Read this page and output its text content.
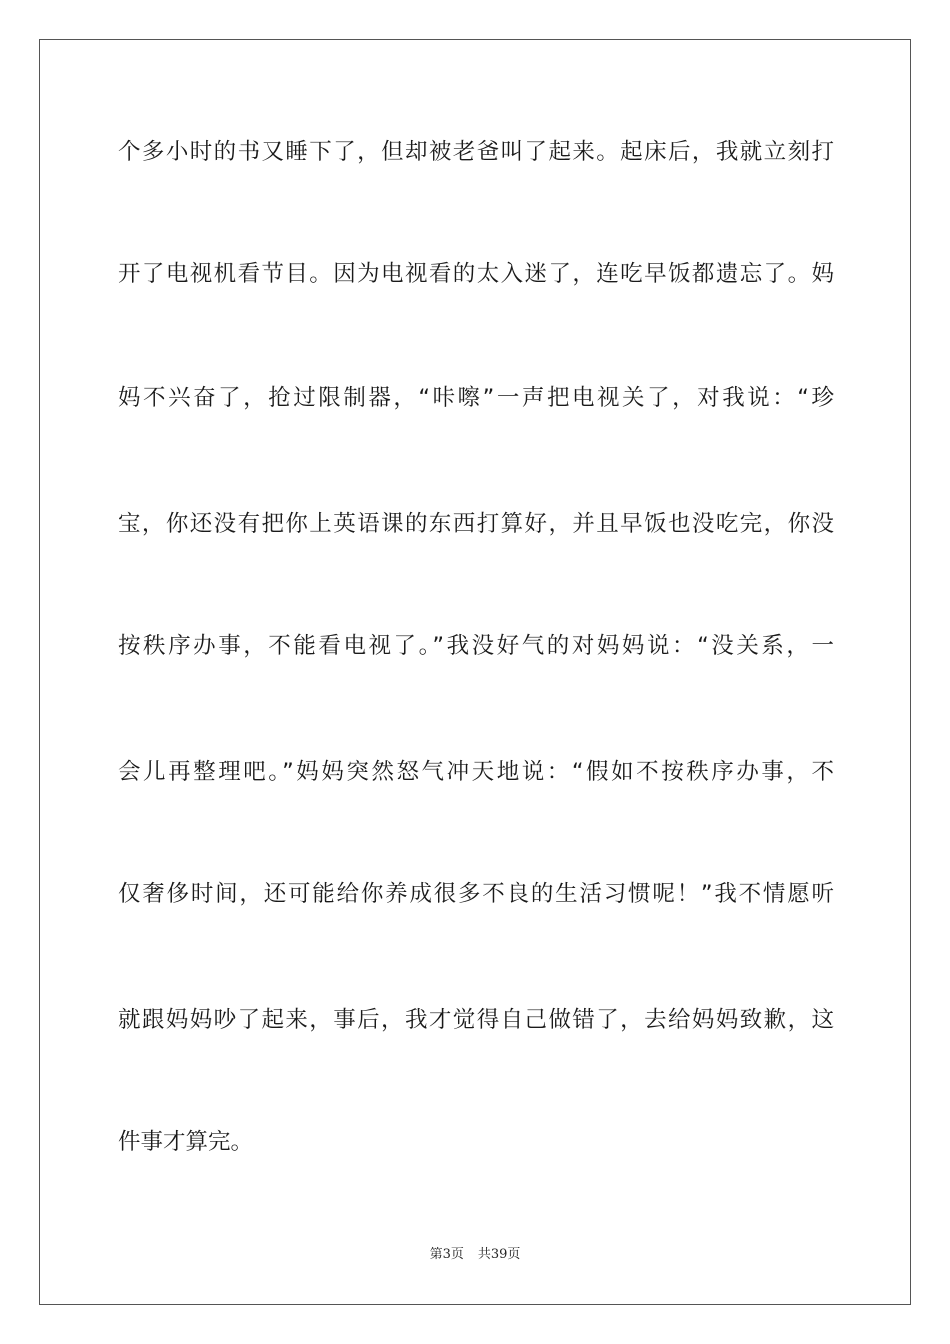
个多小时的书又睡下了，但却被老爸叫了起来。起床后，我就立刻打
开了电视机看节目。因为电视看的太入迷了，连吃早饭都遗忘了。妈
妈不兴奋了，抢过限制器，“咔嚓”一声把电视关了，对我说：“珍
宝，你还没有把你上英语课的东西打算好，并且早饭也没吃完，你没
按秩序办事，不能看电视了。”我没好气的对妈妈说：“没关系，一
会儿再整理吧。”妈妈突然怒气冲天地说：“假如不按秩序办事，不
仅奢侈时间，还可能给你养成很多不良的生活习惯呢！”我不情愿听
就跟妈妈吵了起来，事后，我才觉得自己做错了，去给妈妈致歉，这
件事才算完。
第3页 共39页
